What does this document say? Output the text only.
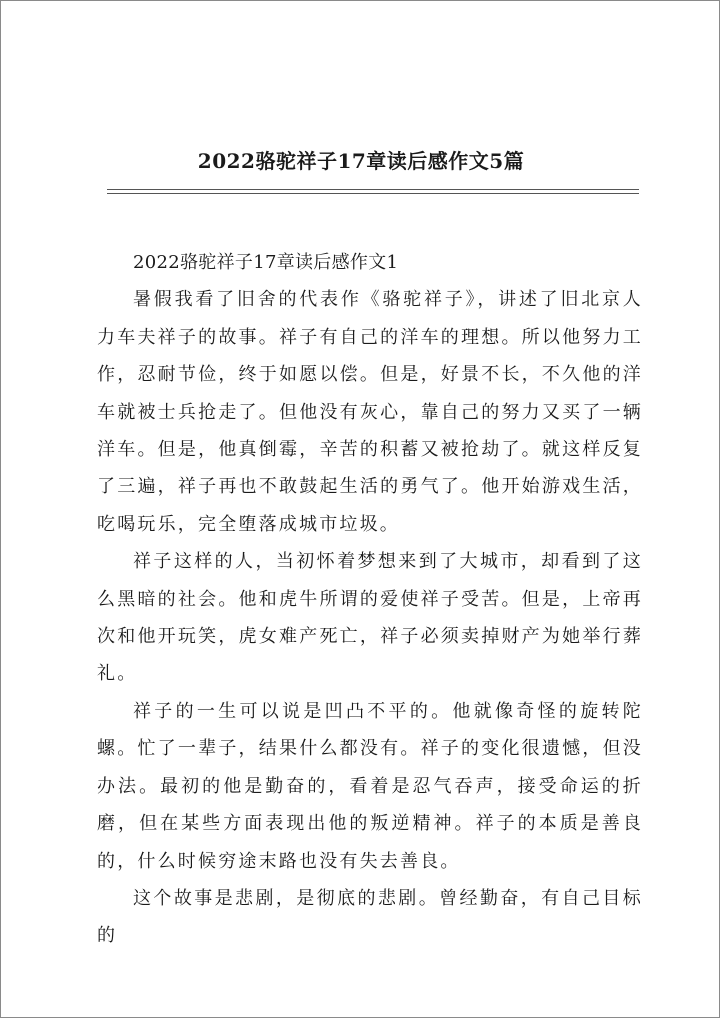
2022骆驼祥子17章读后感作文5篇

2022骆驼祥子17章读后感作文1

暑假我看了旧舍的代表作《骆驼祥子》，讲述了旧北京人力车夫祥子的故事。祥子有自己的洋车的理想。所以他努力工作，忍耐节俭，终于如愿以偿。但是，好景不长，不久他的洋车就被士兵抢走了。但他没有灰心，靠自己的努力又买了一辆洋车。但是，他真倒霉，辛苦的积蓄又被抢劫了。就这样反复了三遍，祥子再也不敢鼓起生活的勇气了。他开始游戏生活，吃喝玩乐，完全堕落成城市垃圾。

祥子这样的人，当初怀着梦想来到了大城市，却看到了这么黑暗的社会。他和虎牛所谓的爱使祥子受苦。但是，上帝再次和他开玩笑，虎女难产死亡，祥子必须卖掉财产为她举行葬礼。

祥子的一生可以说是凹凸不平的。他就像奇怪的旋转陀螺。忙了一辈子，结果什么都没有。祥子的变化很遗憾，但没办法。最初的他是勤奋的，看着是忍气吞声，接受命运的折磨，但在某些方面表现出他的叛逆精神。祥子的本质是善良的，什么时候穷途末路也没有失去善良。

这个故事是悲剧，是彻底的悲剧。曾经勤奋，有自己目标的
